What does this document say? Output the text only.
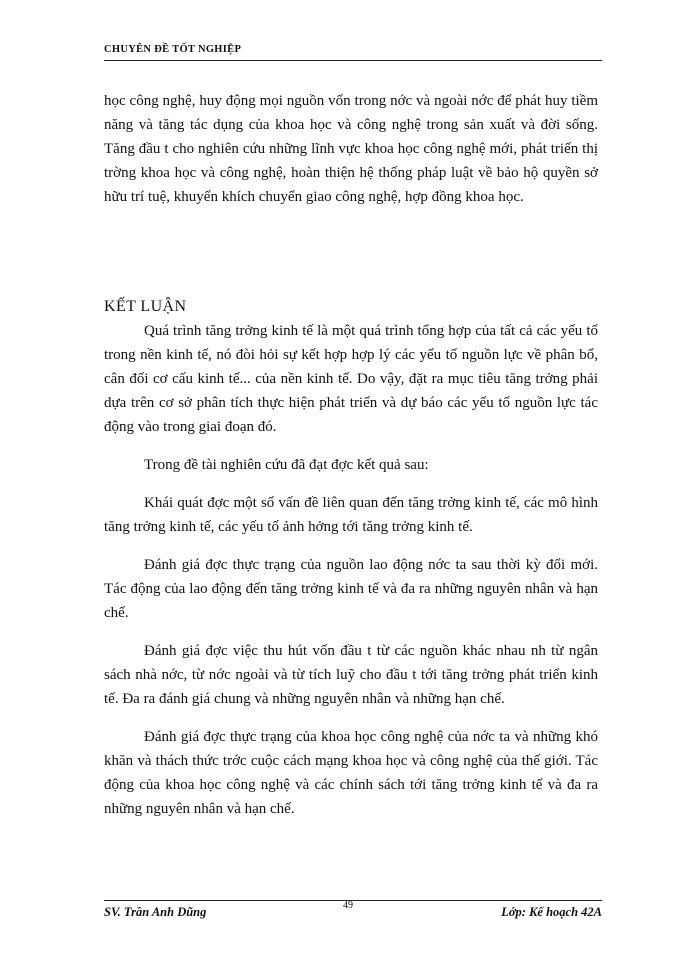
CHUYÊN ĐỀ TỐT NGHIỆP

học công nghệ, huy động mọi nguồn vốn trong nớc và ngoài nớc để phát huy tiềm năng và tăng tác dụng của khoa học và công nghệ trong sản xuất và đời sống. Tăng đầu t cho nghiên cứu những lĩnh vực khoa học công nghệ mới, phát triển thị trờng khoa học và công nghệ, hoàn thiện hệ thống pháp luật về bảo hộ quyền sở hữu trí tuệ, khuyến khích chuyển giao công nghệ, hợp đồng khoa học.

KẾT LUẬN

Quá trình tăng trởng kinh tế là một quá trình tổng hợp của tất cả các yếu tố trong nền kinh tế, nó đòi hỏi sự kết hợp hợp lý các yếu tố nguồn lực về phân bổ, cân đối cơ cấu kinh tế... của nền kinh tế. Do vậy, đặt ra mục tiêu tăng trởng phải dựa trên cơ sở phân tích thực hiện phát triển và dự báo các yếu tố nguồn lực tác động vào trong giai đoạn đó.

Trong đề tài nghiên cứu đã đạt đợc kết quả sau:

Khái quát đợc một số vấn đề liên quan đến tăng trởng kinh tế, các mô hình tăng trởng kinh tế, các yếu tố ảnh hởng tới tăng trởng kinh tế.

Đánh giá đợc thực trạng của nguồn lao động nớc ta sau thời kỳ đổi mới. Tác động của lao động đến tăng trởng kinh tế và đa ra những nguyên nhân và hạn chế.

Đánh giá đợc việc thu hút vốn đầu t từ các nguồn khác nhau nh từ ngân sách nhà nớc, từ nớc ngoài và từ tích luỹ cho đầu t tới tăng trởng phát triển kinh tế. Đa ra đánh giá chung và những nguyên nhân và những hạn chế.

Đánh giá đợc thực trạng của khoa học công nghệ của nớc ta và những khó khăn và thách thức trớc cuộc cách mạng khoa học và công nghệ của thế giới. Tác động của khoa học công nghệ và các chính sách tới tăng trởng kinh tế và đa ra những nguyên nhân và hạn chế.

SV. Trần Anh Dũng	49	Lớp: Kế hoạch 42A
